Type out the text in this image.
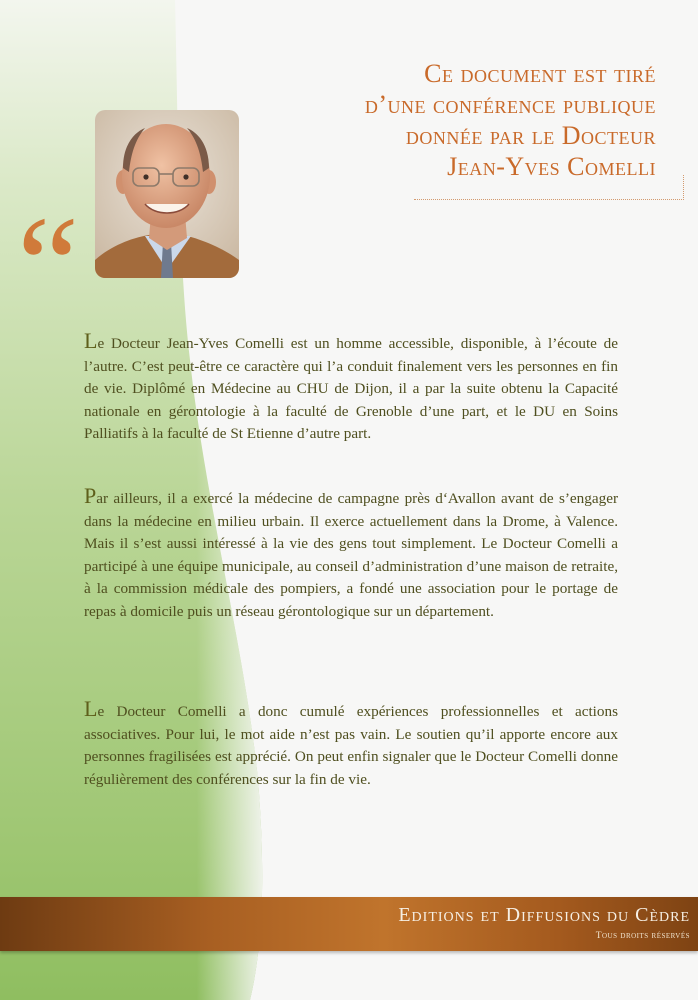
Ce document est tiré
d’une conférence publique
donnée par le Docteur
Jean-Yves Comelli
“ Le Docteur Jean-Yves Comelli est un homme accessible, disponible, à l’écoute de l’autre. C’est peut-être ce caractère qui l’a conduit finalement vers les personnes en fin de vie. Diplômé en Médecine au CHU de Dijon, il a par la suite obtenu la Capacité nationale en gérontologie à la faculté de Grenoble d’une part, et le DU en Soins Palliatifs à la faculté de St Etienne d’autre part.

Par ailleurs, il a exercé la médecine de campagne près d‘Avallon avant de s’engager dans la médecine en milieu urbain. Il exerce actuellement dans la Drome, à Valence. Mais il s’est aussi intéressé à la vie des gens tout simplement. Le Docteur Comelli a participé à une équipe municipale, au conseil d’administration d’une maison de retraite, à la commission médicale des pompiers, a fondé une association pour le portage de repas à domicile puis un réseau gérontologique sur un département.

Le Docteur Comelli a donc cumulé expériences professionnelles et actions associatives. Pour lui, le mot aide n’est pas vain. Le soutien qu’il apporte encore aux personnes fragilisées est apprécié. On peut enfin signaler que le Docteur Comelli donne régulièrement des conférences sur la fin de vie.

Editions et Diffusions du Cèdre
Tous droits réservés
